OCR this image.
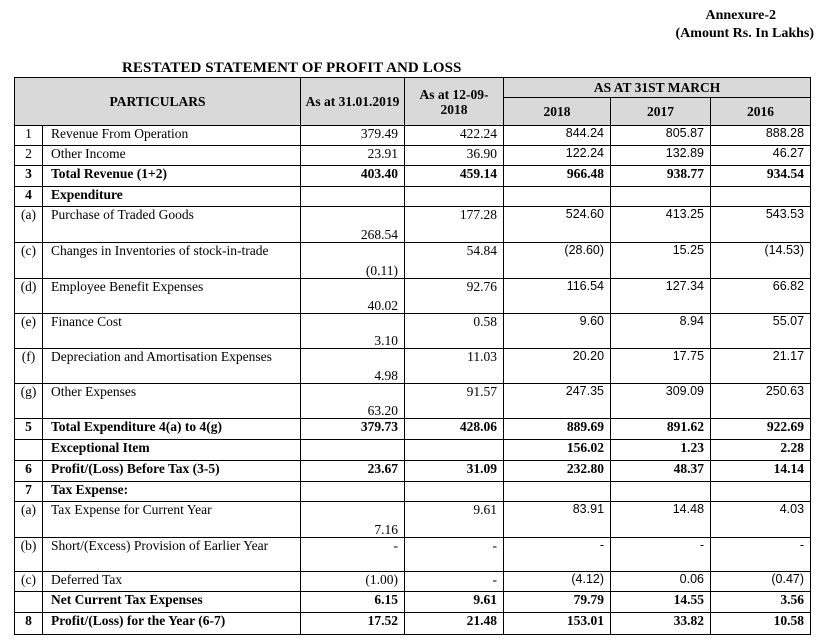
Annexure-2
(Amount Rs. In Lakhs)
RESTATED STATEMENT OF PROFIT AND LOSS
PARTICULARS		As at 31.01.2019	As at 12-09-2018	AS AT 31ST MARCH		
				2018	2017	2016
1	Revenue From Operation	379.49	422.24	844.24	805.87	888.28
2	Other Income	23.91	36.90	122.24	132.89	46.27
3	Total Revenue (1+2)	403.40	459.14	966.48	938.77	934.54
4	Expenditure					
(a)	Purchase of Traded Goods	268.54	177.28	524.60	413.25	543.53
(c)	Changes in Inventories of stock-in-trade	(0.11)	54.84	(28.60)	15.25	(14.53)
(d)	Employee Benefit Expenses	40.02	92.76	116.54	127.34	66.82
(e)	Finance Cost	3.10	0.58	9.60	8.94	55.07
(f)	Depreciation and Amortisation Expenses	4.98	11.03	20.20	17.75	21.17
(g)	Other Expenses	63.20	91.57	247.35	309.09	250.63
5	Total Expenditure 4(a) to 4(g)	379.73	428.06	889.69	891.62	922.69
	Exceptional Item			156.02	1.23	2.28
6	Profit/(Loss) Before Tax (3-5)	23.67	31.09	232.80	48.37	14.14
7	Tax Expense:					
(a)	Tax Expense for Current Year	7.16	9.61	83.91	14.48	4.03
(b)	Short/(Excess) Provision of Earlier Year	-	-	-	-	-
(c)	Deferred Tax	(1.00)	-	(4.12)	0.06	(0.47)
	Net Current Tax Expenses	6.15	9.61	79.79	14.55	3.56
8	Profit/(Loss) for the Year (6-7)	17.52	21.48	153.01	33.82	10.58
